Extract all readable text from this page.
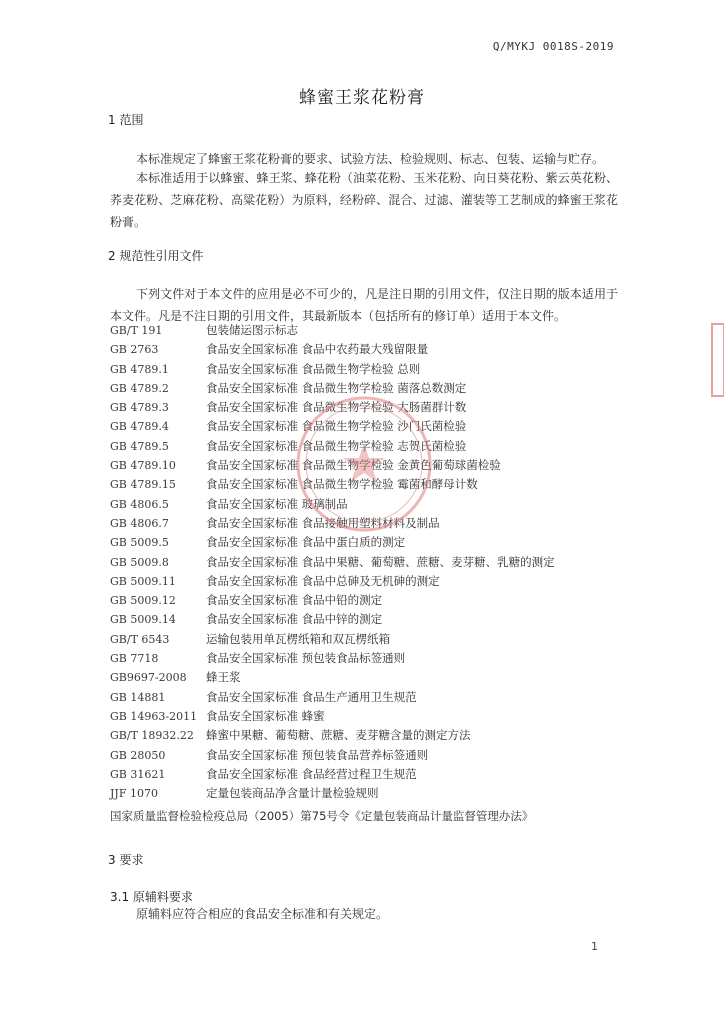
Q/MYKJ 0018S-2019
蜂蜜王浆花粉膏
1 范围
本标准规定了蜂蜜王浆花粉膏的要求、试验方法、检验规则、标志、包装、运输与贮存。
本标准适用于以蜂蜜、蜂王浆、蜂花粉（油菜花粉、玉米花粉、向日葵花粉、紫云英花粉、荞麦花粉、芝麻花粉、高粱花粉）为原料，经粉碎、混合、过滤、灌装等工艺制成的蜂蜜王浆花粉膏。
2 规范性引用文件
下列文件对于本文件的应用是必不可少的，凡是注日期的引用文件，仅注日期的版本适用于本文件。凡是不注日期的引用文件，其最新版本（包括所有的修订单）适用于本文件。
GB/T 191	包装储运图示标志
GB 2763	食品安全国家标准 食品中农药最大残留限量
GB 4789.1	食品安全国家标准 食品微生物学检验 总则
GB 4789.2	食品安全国家标准 食品微生物学检验 菌落总数测定
GB 4789.3	食品安全国家标准 食品微生物学检验 大肠菌群计数
GB 4789.4	食品安全国家标准 食品微生物学检验 沙门氏菌检验
GB 4789.5	食品安全国家标准 食品微生物学检验 志贺氏菌检验
GB 4789.10	食品安全国家标准 食品微生物学检验 金黄色葡萄球菌检验
GB 4789.15	食品安全国家标准 食品微生物学检验 霉菌和酵母计数
GB 4806.5	食品安全国家标准 玻璃制品
GB 4806.7	食品安全国家标准 食品接触用塑料材料及制品
GB 5009.5	食品安全国家标准 食品中蛋白质的测定
GB 5009.8	食品安全国家标准 食品中果糖、葡萄糖、蔗糖、麦芽糖、乳糖的测定
GB 5009.11	食品安全国家标准 食品中总砷及无机砷的测定
GB 5009.12	食品安全国家标准 食品中铅的测定
GB 5009.14	食品安全国家标准 食品中锌的测定
GB/T 6543	运输包装用单瓦楞纸箱和双瓦楞纸箱
GB 7718	食品安全国家标准 预包装食品标签通则
GB9697-2008 蜂王浆
GB 14881	食品安全国家标准 食品生产通用卫生规范
GB 14963-2011 食品安全国家标准 蜂蜜
GB/T 18932.22 蜂蜜中果糖、葡萄糖、蔗糖、麦芽糖含量的测定方法
GB 28050	食品安全国家标准 预包装食品营养标签通则
GB 31621	食品安全国家标准 食品经营过程卫生规范
JJF 1070	定量包装商品净含量计量检验规则
国家质量监督检验检疫总局（2005）第75号令《定量包装商品计量监督管理办法》
3 要求
3.1 原辅料要求
原辅料应符合相应的食品安全标准和有关规定。
1
